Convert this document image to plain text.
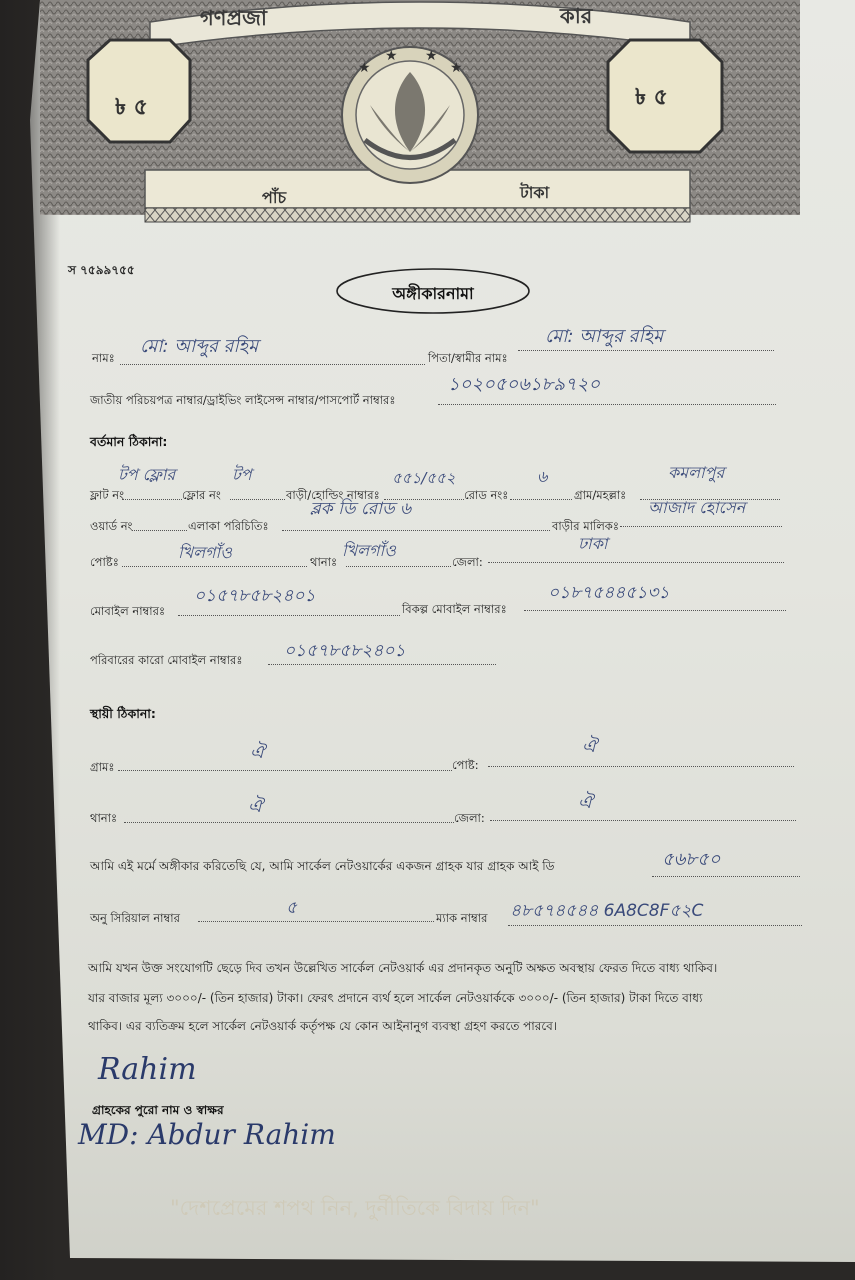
★
★ ★
★
গণপ্রজা	কার
৳ ৫	৳ ৫
পাঁচ	টাকা
স ৭৫৯৯৭৫৫
অঙ্গীকারনামা
নামঃ
মো: আব্দুর রহিম
পিতা/স্বামীর নামঃ
মো: আব্দুর রহিম
জাতীয় পরিচয়পত্র নাম্বার/ড্রাইভিং লাইসেন্স নাম্বার/পাসপোর্ট নাম্বারঃ
১০২০৫০৬১৮৯৭২০
বর্তমান ঠিকানা:
ফ্লাট নং
টপ ফ্লোর
ফ্লোর নং
টপ
বাড়ী/হোল্ডিং নাম্বারঃ
৫৫১/৫৫২
রোড নংঃ
৬
গ্রাম/মহল্লাঃ
কমলাপুর
ওয়ার্ড নং	এলাকা পরিচিতিঃ
ব্লক ডি রোড ৬
বাড়ীর মালিকঃ
আজাদ হোসেন
পোষ্টঃ	খিলগাঁও	থানাঃ
খিলগাঁও
জেলা:
ঢাকা
মোবাইল নাম্বারঃ
০১৫৭৮৫৮২৪০১
বিকল্প মোবাইল নাম্বারঃ
০১৮৭৫৪৪৫১৩১
পরিবারের কারো মোবাইল নাম্বারঃ ০১৫৭৮৫৮২৪০১
স্থায়ী ঠিকানা:
গ্রামঃ
ঐ
পোষ্ট:
ঐ
থানাঃ
ঐ
জেলা:
ঐ
আমি এই মর্মে অঙ্গীকার করিতেছি যে, আমি সার্কেল নেটওয়ার্কের একজন গ্রাহক যার গ্রাহক আই ডি	৫৬৮৫০
অনু সিরিয়াল নাম্বার	৫	ম্যাক নাম্বার ৪৮৫৭৪৫৪৪ 6A8C8F৫২C
আমি যখন উক্ত সংযোগটি ছেড়ে দিব তখন উল্লেখিত সার্কেল নেটওয়ার্ক এর প্রদানকৃত অনুটি অক্ষত অবস্থায় ফেরত দিতে বাধ্য থাকিব।
যার বাজার মূল্য ৩০০০/- (তিন হাজার) টাকা। ফেরৎ প্রদানে ব্যর্থ হলে সার্কেল নেটওয়ার্ককে ৩০০০/- (তিন হাজার) টাকা দিতে বাধ্য
থাকিব। এর ব্যতিক্রম হলে সার্কেল নেটওয়ার্ক কর্তৃপক্ষ যে কোন আইনানুগ ব্যবস্থা গ্রহণ করতে পারবে।
Rahim
গ্রাহকের পুরো নাম ও স্বাক্ষর
MD: Abdur Rahim
"দেশপ্রেমের শপথ নিন, দুর্নীতিকে বিদায় দিন"
